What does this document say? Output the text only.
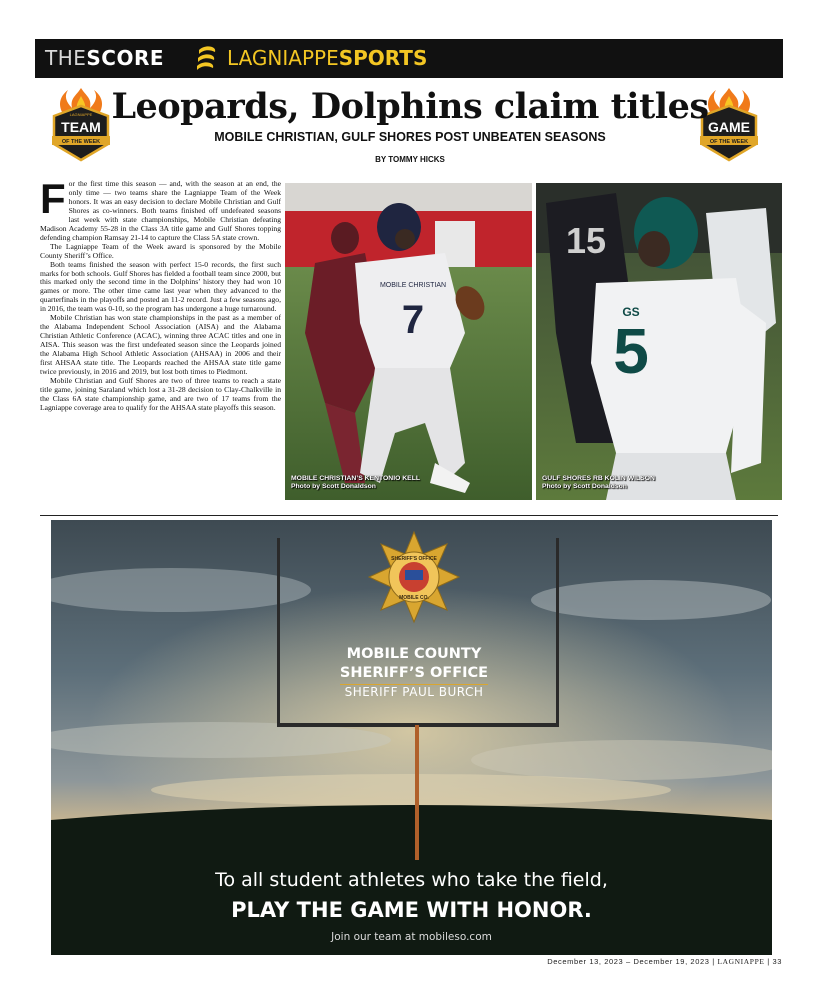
THESCORE	LAGNIAPPESPORTS
LAGNIAPPE
TEAM
OF THE WEEK
GAME
OF THE WEEK
Leopards, Dolphins claim titles
MOBILE CHRISTIAN, GULF SHORES POST UNBEATEN SEASONS
BY TOMMY HICKS

For the first time this season — and, with the season at an end, the only time — two teams share the Lagniappe Team of the Week honors. It was an easy decision to declare Mobile Christian and Gulf Shores as co-winners. Both teams finished off undefeated seasons last week with state championships, Mobile Christian defeating Madison Academy 55-28 in the Class 3A title game and Gulf Shores topping defending champion Ramsay 21-14 to capture the Class 5A state crown.

The Lagniappe Team of the Week award is sponsored by the Mobile County Sheriff’s Office.

Both teams finished the season with perfect 15-0 records, the first such marks for both schools. Gulf Shores has fielded a football team since 2000, but this marked only the second time in the Dolphins’ history they had won 10 games or more. The other time came last year when they advanced to the quarterfinals in the playoffs and posted an 11-2 record. Just a few seasons ago, in 2016, the team was 0-10, so the program has undergone a huge turnaround.

Mobile Christian has won state championships in the past as a member of the Alabama Independent School Association (AISA) and the Alabama Christian Athletic Conference (ACAC), winning three ACAC titles and one in AISA. This season was the first undefeated season since the Leopards joined the Alabama High School Athletic Association (AHSAA) in 2006 and their first AHSAA state title. The Leopards reached the AHSAA state title game twice previously, in 2016 and 2019, but lost both times to Piedmont.

Mobile Christian and Gulf Shores are two of three teams to reach a state title game, joining Saraland which lost a 31-28 decision to Clay-Chalkville in the Class 6A state championship game, and are two of 17 teams from the Lagniappe coverage area to qualify for the AHSAA state playoffs this season.

7
MOBILE CHRISTIAN
MOBILE CHRISTIAN’S KENTONIO KELL
Photo by Scott Donaldson
15
5
GS
GULF SHORES RB KOLIN WILSON
Photo by Scott Donaldson
SHERIFF'S OFFICE
MOBILE CO.
MOBILE COUNTY
SHERIFF’S OFFICE
SHERIFF PAUL BURCH
To all student athletes who take the field,
PLAY THE GAME WITH HONOR.
Join our team at mobileso.com
December 13, 2023 – December 19, 2023 | LAGNIAPPE | 33
